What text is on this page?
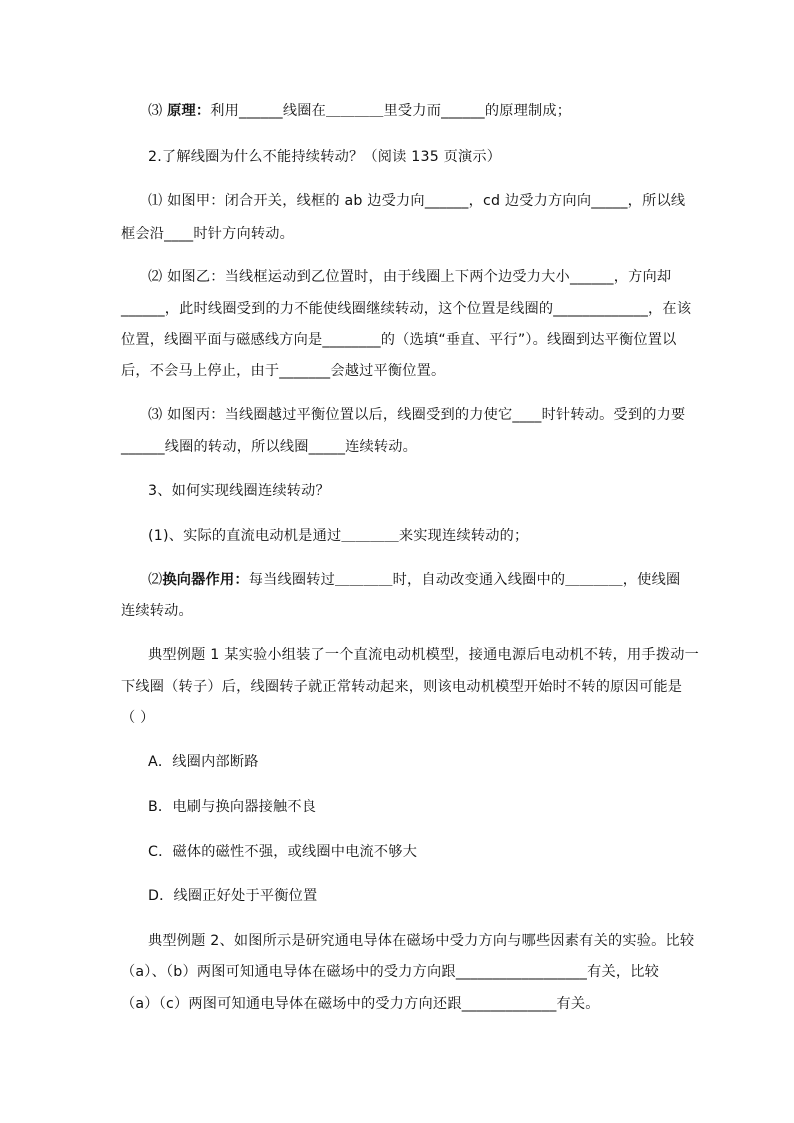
⑶ 原理：利用______线圈在＿＿＿＿里受力而______的原理制成；
2.了解线圈为什么不能持续转动？（阅读 135 页演示）
⑴ 如图甲：闭合开关，线框的 ab 边受力向______，cd 边受力方向向_____，所以线
框会沿____时针方向转动。
⑵ 如图乙：当线框运动到乙位置时，由于线圈上下两个边受力大小______，方向却
______，此时线圈受到的力不能使线圈继续转动，这个位置是线圈的_____________，在该
位置，线圈平面与磁感线方向是________的（选填“垂直、平行”）。线圈到达平衡位置以
后，不会马上停止，由于_______会越过平衡位置。
⑶ 如图丙：当线圈越过平衡位置以后，线圈受到的力使它____时针转动。受到的力要
______线圈的转动，所以线圈_____连续转动。
3、如何实现线圈连续转动？
(1)、实际的直流电动机是通过＿＿＿＿来实现连续转动的；
⑵换向器作用：每当线圈转过＿＿＿＿时，自动改变通入线圈中的＿＿＿＿，使线圈
连续转动。
典型例题 1 某实验小组装了一个直流电动机模型，接通电源后电动机不转，用手拨动一
下线圈（转子）后，线圈转子就正常转动起来，则该电动机模型开始时不转的原因可能是
（ ）
A．线圈内部断路
B．电刷与换向器接触不良
C．磁体的磁性不强，或线圈中电流不够大
D．线圈正好处于平衡位置
典型例题 2、如图所示是研究通电导体在磁场中受力方向与哪些因素有关的实验。比较
（a）、（b）两图可知通电导体在磁场中的受力方向跟__________________有关，比较
（a）（c）两图可知通电导体在磁场中的受力方向还跟_____________有关。
